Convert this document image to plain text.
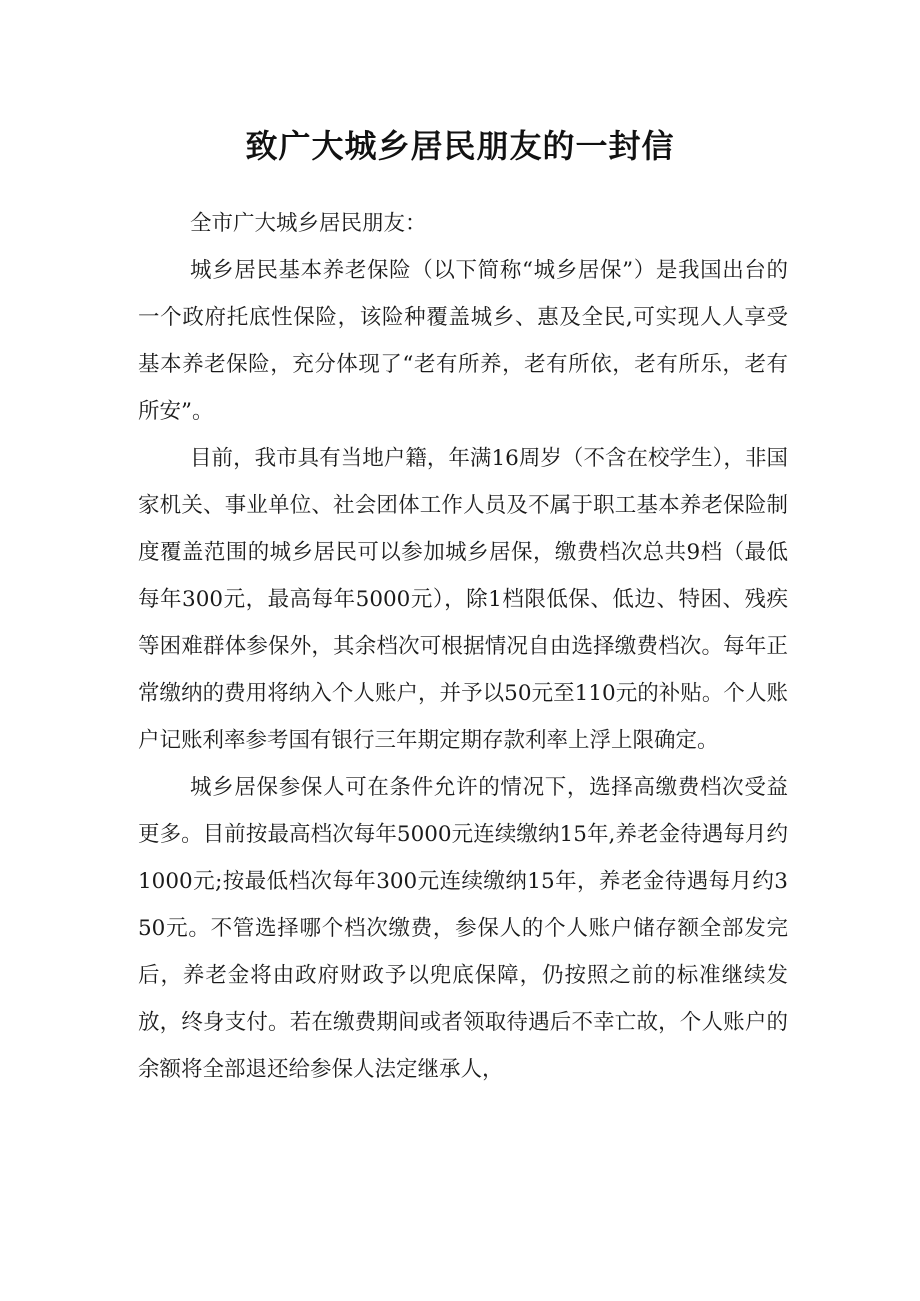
致广大城乡居民朋友的一封信

全市广大城乡居民朋友：

城乡居民基本养老保险（以下简称“城乡居保”）是我国出台的一个政府托底性保险，该险种覆盖城乡、惠及全民,可实现人人享受基本养老保险，充分体现了“老有所养，老有所依，老有所乐，老有所安”。

目前，我市具有当地户籍，年满16周岁（不含在校学生），非国家机关、事业单位、社会团体工作人员及不属于职工基本养老保险制度覆盖范围的城乡居民可以参加城乡居保，缴费档次总共9档（最低每年300元，最高每年5000元），除1档限低保、低边、特困、残疾等困难群体参保外，其余档次可根据情况自由选择缴费档次。每年正常缴纳的费用将纳入个人账户，并予以50元至110元的补贴。个人账户记账利率参考国有银行三年期定期存款利率上浮上限确定。

城乡居保参保人可在条件允许的情况下，选择高缴费档次受益更多。目前按最高档次每年5000元连续缴纳15年,养老金待遇每月约1000元;按最低档次每年300元连续缴纳15年，养老金待遇每月约350元。不管选择哪个档次缴费，参保人的个人账户储存额全部发完后，养老金将由政府财政予以兜底保障，仍按照之前的标准继续发放，终身支付。若在缴费期间或者领取待遇后不幸亡故，个人账户的余额将全部退还给参保人法定继承人，
